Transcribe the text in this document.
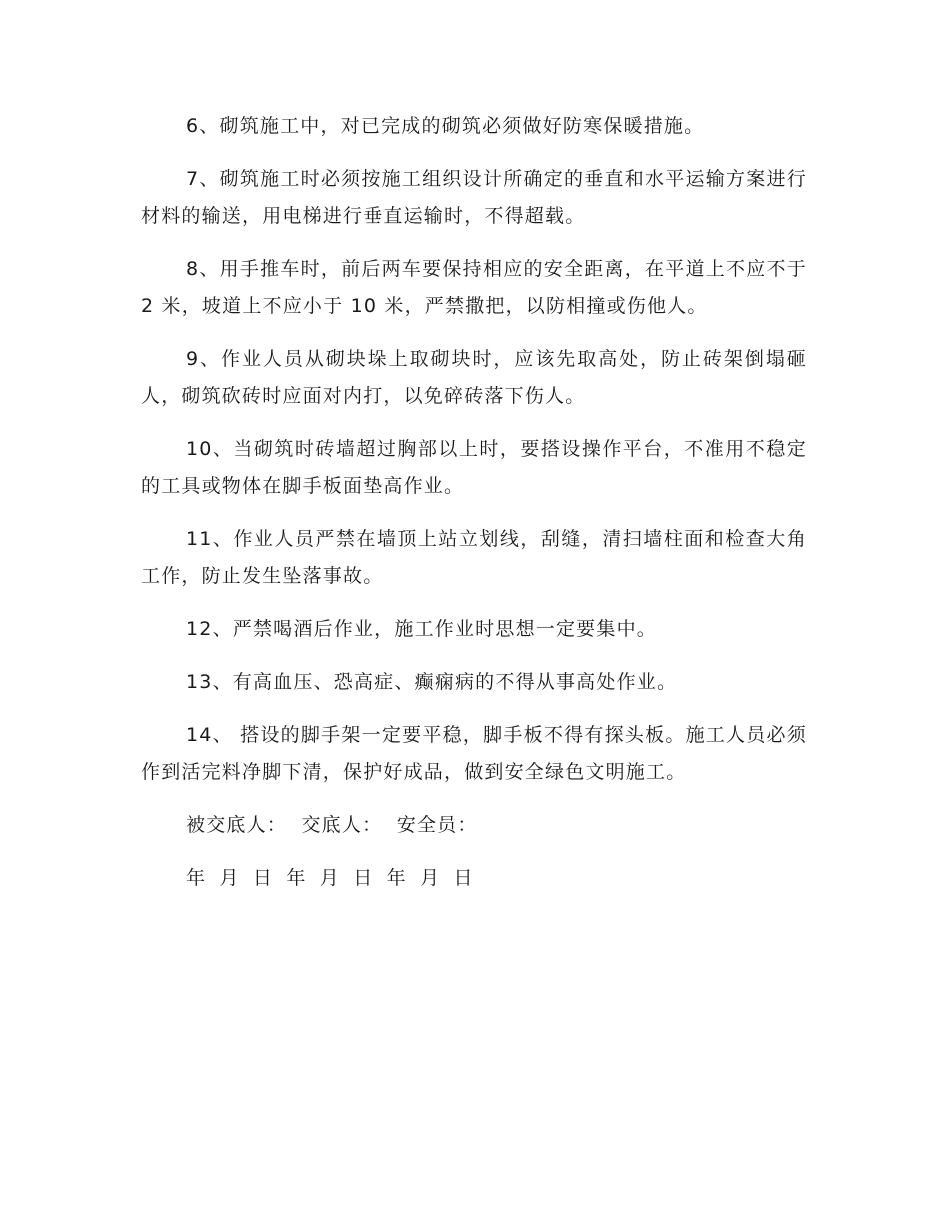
6、砌筑施工中，对已完成的砌筑必须做好防寒保暖措施。

7、砌筑施工时必须按施工组织设计所确定的垂直和水平运输方案进行材料的输送，用电梯进行垂直运输时，不得超载。

8、用手推车时，前后两车要保持相应的安全距离，在平道上不应不于 2 米，坡道上不应小于 10 米，严禁撒把，以防相撞或伤他人。

9、作业人员从砌块垛上取砌块时，应该先取高处，防止砖架倒塌砸人，砌筑砍砖时应面对内打，以免碎砖落下伤人。

10、当砌筑时砖墙超过胸部以上时，要搭设操作平台，不准用不稳定的工具或物体在脚手板面垫高作业。

11、作业人员严禁在墙顶上站立划线，刮缝，清扫墙柱面和检查大角工作，防止发生坠落事故。

12、严禁喝酒后作业，施工作业时思想一定要集中。

13、有高血压、恐高症、癫痫病的不得从事高处作业。

14、 搭设的脚手架一定要平稳，脚手板不得有探头板。施工人员必须作到活完料净脚下清，保护好成品，做到安全绿色文明施工。

被交底人：  交底人：  安全员：

年 月 日 年 月 日 年 月 日
